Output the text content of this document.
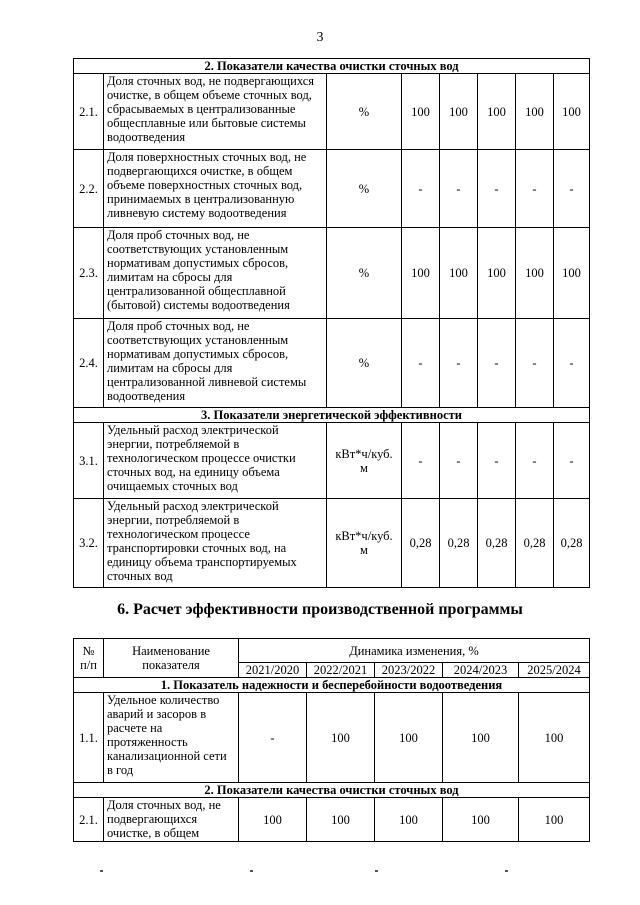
3
2. Показатели качества очистки сточных вод							
2.1.	Доля сточных вод, не подвергающихся очистке, в общем объеме сточных вод, сбрасываемых в централизованные общесплавные или бытовые системы водоотведения	%	100	100	100	100	100
2.2.	Доля поверхностных сточных вод, не подвергающихся очистке, в общем объеме поверхностных сточных вод, принимаемых в централизованную ливневую систему водоотведения	%	-	-	-	-	-
2.3.	Доля проб сточных вод, не соответствующих установленным нормативам допустимых сбросов, лимитам на сбросы для централизованной общесплавной (бытовой) системы водоотведения	%	100	100	100	100	100
2.4.	Доля проб сточных вод, не соответствующих установленным нормативам допустимых сбросов, лимитам на сбросы для централизованной ливневой системы водоотведения	%	-	-	-	-	-
3. Показатели энергетической эффективности							
3.1.	Удельный расход электрической энергии, потребляемой в технологическом процессе очистки сточных вод, на единицу объема очищаемых сточных вод	кВт*ч/куб. м	-	-	-	-	-
3.2.	Удельный расход электрической энергии, потребляемой в технологическом процессе транспортировки сточных вод, на единицу объема транспортируемых сточных вод	кВт*ч/куб. м	0,28	0,28	0,28	0,28	0,28
6. Расчет эффективности производственной программы
№ п/п	Наименование показателя	Динамика изменения, %				
		2021/2020	2022/2021	2023/2022	2024/2023	2025/2024
1. Показатель надежности и бесперебойности водоотведения						
1.1.	Удельное количество аварий и засоров в расчете на протяженность канализационной сети в год	-	100	100	100	100
2. Показатели качества очистки сточных вод						
2.1.	Доля сточных вод, не подвергающихся очистке, в общем	100	100	100	100	100
